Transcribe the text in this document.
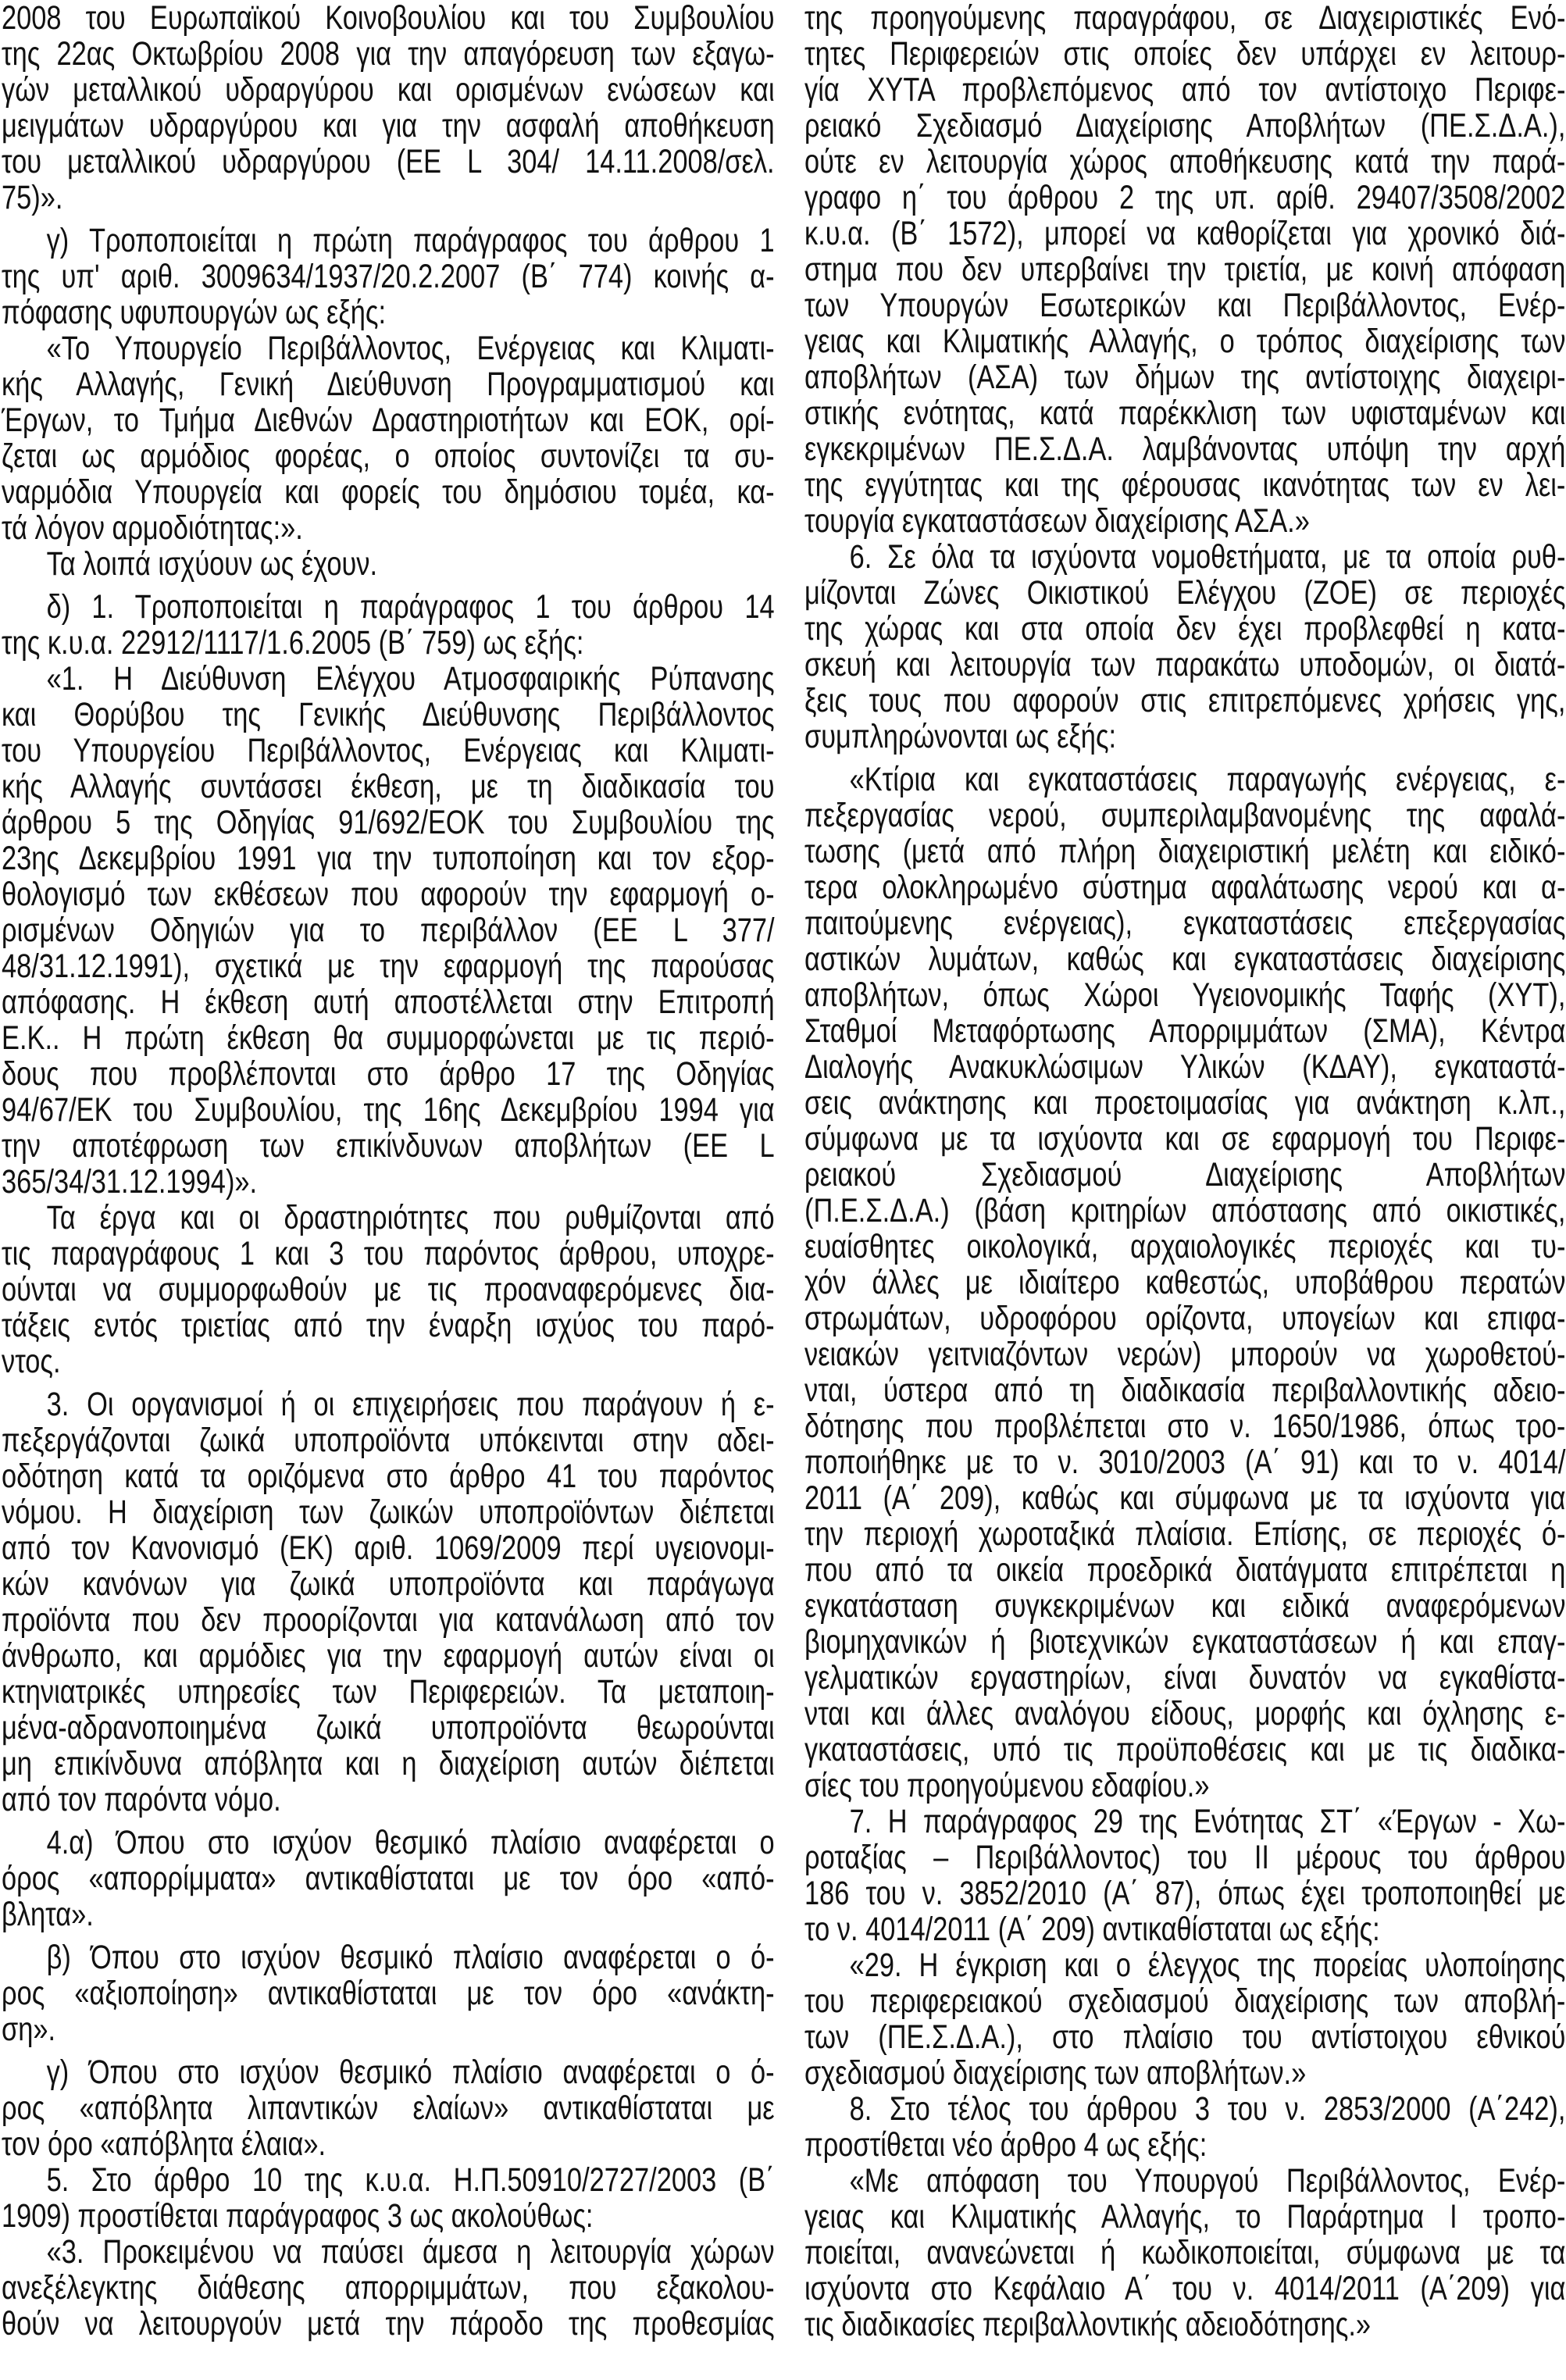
2008 του Ευρωπαϊκού Κοινοβουλίου και του Συμβουλίου
της 22ας Οκτωβρίου 2008 για την απαγόρευση των εξαγω-
γών μεταλλικού υδραργύρου και ορισμένων ενώσεων και
μειγμάτων υδραργύρου και για την ασφαλή αποθήκευση
του μεταλλικού υδραργύρου (ΕΕ L 304/ 14.11.2008/σελ.
75)».
γ) Τροποποιείται η πρώτη παράγραφος του άρθρου 1
της υπ' αριθ. 3009634/1937/20.2.2007 (Β΄ 774) κοινής α-
πόφασης υφυπουργών ως εξής:
«Το Υπουργείο Περιβάλλοντος, Ενέργειας και Κλιματι-
κής Αλλαγής, Γενική Διεύθυνση Προγραμματισμού και
Έργων, το Τμήμα Διεθνών Δραστηριοτήτων και ΕΟΚ, ορί-
ζεται ως αρμόδιος φορέας, ο οποίος συντονίζει τα συ-
ναρμόδια Υπουργεία και φορείς του δημόσιου τομέα, κα-
τά λόγον αρμοδιότητας:».
Τα λοιπά ισχύουν ως έχουν.
δ) 1. Τροποποιείται η παράγραφος 1 του άρθρου 14
της κ.υ.α. 22912/1117/1.6.2005 (Β΄ 759) ως εξής:
«1. Η Διεύθυνση Ελέγχου Ατμοσφαιρικής Ρύπανσης
και Θορύβου της Γενικής Διεύθυνσης Περιβάλλοντος
του Υπουργείου Περιβάλλοντος, Ενέργειας και Κλιματι-
κής Αλλαγής συντάσσει έκθεση, με τη διαδικασία του
άρθρου 5 της Οδηγίας 91/692/ΕΟΚ του Συμβουλίου της
23ης Δεκεμβρίου 1991 για την τυποποίηση και τον εξορ-
θολογισμό των εκθέσεων που αφορούν την εφαρμογή ο-
ρισμένων Οδηγιών για το περιβάλλον (ΕΕ L 377/
48/31.12.1991), σχετικά με την εφαρμογή της παρούσας
απόφασης. Η έκθεση αυτή αποστέλλεται στην Επιτροπή
Ε.Κ.. Η πρώτη έκθεση θα συμμορφώνεται με τις περιό-
δους που προβλέπονται στο άρθρο 17 της Οδηγίας
94/67/ΕΚ του Συμβουλίου, της 16ης Δεκεμβρίου 1994 για
την αποτέφρωση των επικίνδυνων αποβλήτων (ΕΕ L
365/34/31.12.1994)».
Τα έργα και οι δραστηριότητες που ρυθμίζονται από
τις παραγράφους 1 και 3 του παρόντος άρθρου, υποχρε-
ούνται να συμμορφωθούν με τις προαναφερόμενες δια-
τάξεις εντός τριετίας από την έναρξη ισχύος του παρό-
ντος.
3. Οι οργανισμοί ή οι επιχειρήσεις που παράγουν ή ε-
πεξεργάζονται ζωικά υποπροϊόντα υπόκεινται στην αδει-
οδότηση κατά τα οριζόμενα στο άρθρο 41 του παρόντος
νόμου. Η διαχείριση των ζωικών υποπροϊόντων διέπεται
από τον Κανονισμό (ΕΚ) αριθ. 1069/2009 περί υγειονομι-
κών κανόνων για ζωικά υποπροϊόντα και παράγωγα
προϊόντα που δεν προορίζονται για κατανάλωση από τον
άνθρωπο, και αρμόδιες για την εφαρμογή αυτών είναι οι
κτηνιατρικές υπηρεσίες των Περιφερειών. Τα μεταποιη-
μένα-αδρανοποιημένα ζωικά υποπροϊόντα θεωρούνται
μη επικίνδυνα απόβλητα και η διαχείριση αυτών διέπεται
από τον παρόντα νόμο.
4.α) Όπου στο ισχύον θεσμικό πλαίσιο αναφέρεται ο
όρος «απορρίμματα» αντικαθίσταται με τον όρο «από-
βλητα».
β) Όπου στο ισχύον θεσμικό πλαίσιο αναφέρεται ο ό-
ρος «αξιοποίηση» αντικαθίσταται με τον όρο «ανάκτη-
ση».
γ) Όπου στο ισχύον θεσμικό πλαίσιο αναφέρεται ο ό-
ρος «απόβλητα λιπαντικών ελαίων» αντικαθίσταται με
τον όρο «απόβλητα έλαια».
5. Στο άρθρο 10 της κ.υ.α. Η.Π.50910/2727/2003 (Β΄
1909) προστίθεται παράγραφος 3 ως ακολούθως:
«3. Προκειμένου να παύσει άμεσα η λειτουργία χώρων
ανεξέλεγκτης διάθεσης απορριμμάτων, που εξακολου-
θούν να λειτουργούν μετά την πάροδο της προθεσμίας
της προηγούμενης παραγράφου, σε Διαχειριστικές Ενό-
τητες Περιφερειών στις οποίες δεν υπάρχει εν λειτουρ-
γία ΧΥΤΑ προβλεπόμενος από τον αντίστοιχο Περιφε-
ρειακό Σχεδιασμό Διαχείρισης Αποβλήτων (ΠΕ.Σ.Δ.Α.),
ούτε εν λειτουργία χώρος αποθήκευσης κατά την παρά-
γραφο η΄ του άρθρου 2 της υπ. αρίθ. 29407/3508/2002
κ.υ.α. (Β΄ 1572), μπορεί να καθορίζεται για χρονικό διά-
στημα που δεν υπερβαίνει την τριετία, με κοινή απόφαση
των Υπουργών Εσωτερικών και Περιβάλλοντος, Ενέρ-
γειας και Κλιματικής Αλλαγής, ο τρόπος διαχείρισης των
αποβλήτων (ΑΣΑ) των δήμων της αντίστοιχης διαχειρι-
στικής ενότητας, κατά παρέκκλιση των υφισταμένων και
εγκεκριμένων ΠΕ.Σ.Δ.Α. λαμβάνοντας υπόψη την αρχή
της εγγύτητας και της φέρουσας ικανότητας των εν λει-
τουργία εγκαταστάσεων διαχείρισης ΑΣΑ.»
6. Σε όλα τα ισχύοντα νομοθετήματα, με τα οποία ρυθ-
μίζονται Ζώνες Οικιστικού Ελέγχου (ΖΟΕ) σε περιοχές
της χώρας και στα οποία δεν έχει προβλεφθεί η κατα-
σκευή και λειτουργία των παρακάτω υποδομών, οι διατά-
ξεις τους που αφορούν στις επιτρεπόμενες χρήσεις γης,
συμπληρώνονται ως εξής:
«Κτίρια και εγκαταστάσεις παραγωγής ενέργειας, ε-
πεξεργασίας νερού, συμπεριλαμβανομένης της αφαλά-
τωσης (μετά από πλήρη διαχειριστική μελέτη και ειδικό-
τερα ολοκληρωμένο σύστημα αφαλάτωσης νερού και α-
παιτούμενης ενέργειας), εγκαταστάσεις επεξεργασίας
αστικών λυμάτων, καθώς και εγκαταστάσεις διαχείρισης
αποβλήτων, όπως Χώροι Υγειονομικής Ταφής (ΧΥΤ),
Σταθμοί Μεταφόρτωσης Απορριμμάτων (ΣΜΑ), Κέντρα
Διαλογής Ανακυκλώσιμων Υλικών (ΚΔΑΥ), εγκαταστά-
σεις ανάκτησης και προετοιμασίας για ανάκτηση κ.λπ.,
σύμφωνα με τα ισχύοντα και σε εφαρμογή του Περιφε-
ρειακού Σχεδιασμού Διαχείρισης Αποβλήτων
(Π.Ε.Σ.Δ.Α.) (βάση κριτηρίων απόστασης από οικιστικές,
ευαίσθητες οικολογικά, αρχαιολογικές περιοχές και τυ-
χόν άλλες με ιδιαίτερο καθεστώς, υποβάθρου περατών
στρωμάτων, υδροφόρου ορίζοντα, υπογείων και επιφα-
νειακών γειτνιαζόντων νερών) μπορούν να χωροθετού-
νται, ύστερα από τη διαδικασία περιβαλλοντικής αδειο-
δότησης που προβλέπεται στο ν. 1650/1986, όπως τρο-
ποποιήθηκε με το ν. 3010/2003 (Α΄ 91) και το ν. 4014/
2011 (Α΄ 209), καθώς και σύμφωνα με τα ισχύοντα για
την περιοχή χωροταξικά πλαίσια. Επίσης, σε περιοχές ό-
που από τα οικεία προεδρικά διατάγματα επιτρέπεται η
εγκατάσταση συγκεκριμένων και ειδικά αναφερόμενων
βιομηχανικών ή βιοτεχνικών εγκαταστάσεων ή και επαγ-
γελματικών εργαστηρίων, είναι δυνατόν να εγκαθίστα-
νται και άλλες αναλόγου είδους, μορφής και όχλησης ε-
γκαταστάσεις, υπό τις προϋποθέσεις και με τις διαδικα-
σίες του προηγούμενου εδαφίου.»
7. Η παράγραφος 29 της Ενότητας ΣΤ΄ «Έργων - Χω-
ροταξίας – Περιβάλλοντος) του ΙΙ μέρους του άρθρου
186 του ν. 3852/2010 (Α΄ 87), όπως έχει τροποποιηθεί με
το ν. 4014/2011 (Α΄ 209) αντικαθίσταται ως εξής:
«29. Η έγκριση και ο έλεγχος της πορείας υλοποίησης
του περιφερειακού σχεδιασμού διαχείρισης των αποβλή-
των (ΠΕ.Σ.Δ.Α.), στο πλαίσιο του αντίστοιχου εθνικού
σχεδιασμού διαχείρισης των αποβλήτων.»
8. Στο τέλος του άρθρου 3 του ν. 2853/2000 (Α΄242),
προστίθεται νέο άρθρο 4 ως εξής:
«Με απόφαση του Υπουργού Περιβάλλοντος, Ενέρ-
γειας και Κλιματικής Αλλαγής, το Παράρτημα Ι τροπο-
ποιείται, ανανεώνεται ή κωδικοποιείται, σύμφωνα με τα
ισχύοντα στο Κεφάλαιο Α΄ του ν. 4014/2011 (Α΄209) για
τις διαδικασίες περιβαλλοντικής αδειοδότησης.»
